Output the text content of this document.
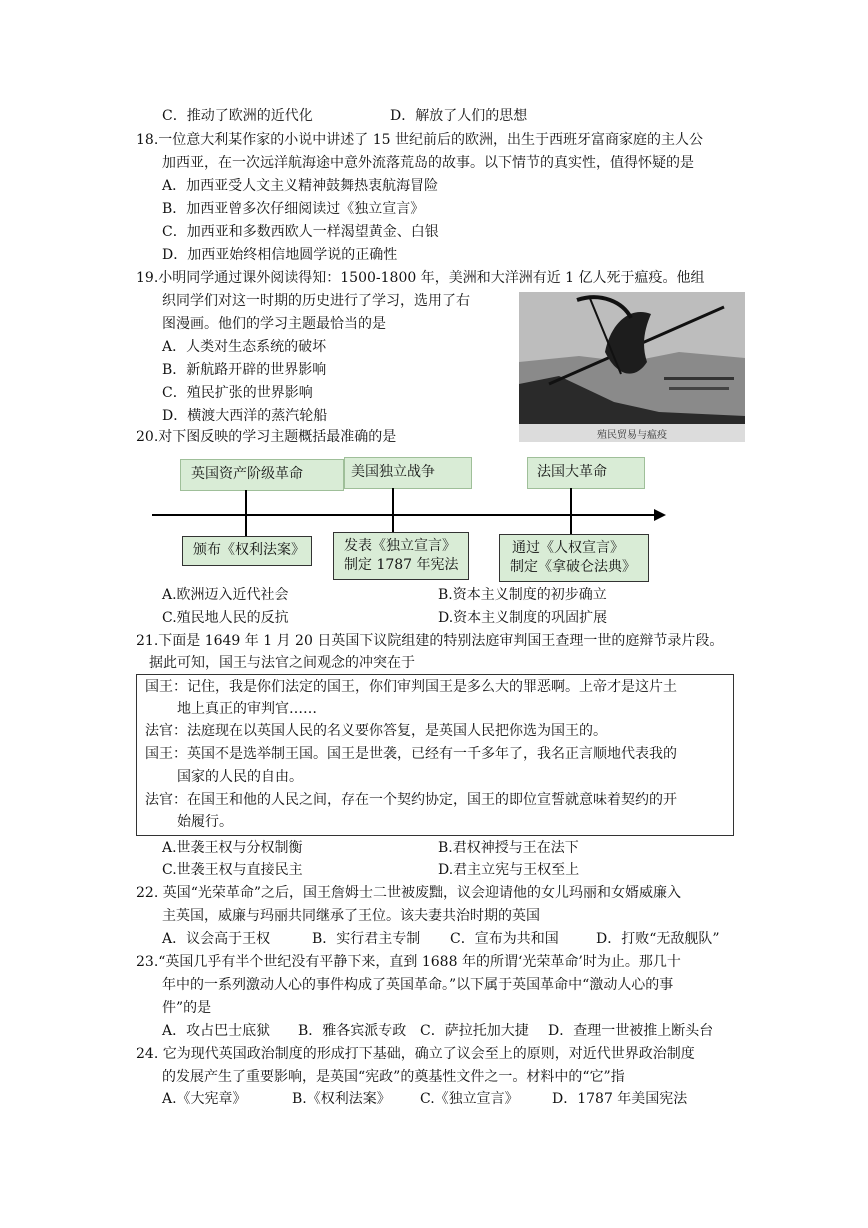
C．推动了欧洲的近代化	D．解放了人们的思想
18.一位意大利某作家的小说中讲述了 15 世纪前后的欧洲，出生于西班牙富商家庭的主人公
加西亚，在一次远洋航海途中意外流落荒岛的故事。以下情节的真实性，值得怀疑的是
A．加西亚受人文主义精神鼓舞热衷航海冒险
B．加西亚曾多次仔细阅读过《独立宣言》
C．加西亚和多数西欧人一样渴望黄金、白银
D．加西亚始终相信地圆学说的正确性
19.小明同学通过课外阅读得知：1500-1800 年，美洲和大洋洲有近 1 亿人死于瘟疫。他组
织同学们对这一时期的历史进行了学习，选用了右
图漫画。他们的学习主题最恰当的是
A．人类对生态系统的破坏
B．新航路开辟的世界影响
C．殖民扩张的世界影响
D．横渡大西洋的蒸汽轮船
殖民贸易与瘟疫
20.对下图反映的学习主题概括最准确的是
英国资产阶级革命	美国独立战争	法国大革命
颁布《权利法案》	发表《独立宣言》
制定 1787 年宪法
通过《人权宣言》
制定《拿破仑法典》
A.欧洲迈入近代社会	B.资本主义制度的初步确立
C.殖民地人民的反抗	D.资本主义制度的巩固扩展
21.下面是 1649 年 1 月 20 日英国下议院组建的特别法庭审判国王查理一世的庭辩节录片段。
据此可知，国王与法官之间观念的冲突在于
国王：记住，我是你们法定的国王，你们审判国王是多么大的罪恶啊。上帝才是这片土
地上真正的审判官……
法官：法庭现在以英国人民的名义要你答复，是英国人民把你选为国王的。
国王：英国不是选举制王国。国王是世袭，已经有一千多年了，我名正言顺地代表我的
国家的人民的自由。
法官：在国王和他的人民之间，存在一个契约协定，国王的即位宣誓就意味着契约的开
始履行。
A.世袭王权与分权制衡	B.君权神授与王在法下
C.世袭王权与直接民主	D.君主立宪与王权至上
22. 英国“光荣革命”之后，国王詹姆士二世被废黜，议会迎请他的女儿玛丽和女婿威廉入
主英国，威廉与玛丽共同继承了王位。该夫妻共治时期的英国
A．议会高于王权	B．实行君主专制 C．宣布为共和国	D．打败“无敌舰队”
23.“英国几乎有半个世纪没有平静下来，直到 1688 年的所谓‘光荣革命’时为止。那几十
年中的一系列激动人心的事件构成了英国革命。”以下属于英国革命中“激动人心的事
件”的是
A．攻占巴士底狱 B．雅各宾派专政 C．萨拉托加大捷 D．查理一世被推上断头台
24. 它为现代英国政治制度的形成打下基础，确立了议会至上的原则，对近代世界政治制度
的发展产生了重要影响，是英国“宪政”的奠基性文件之一。材料中的“它”指
A.《大宪章》	B.《权利法案》 C.《独立宣言》 D．1787 年美国宪法
